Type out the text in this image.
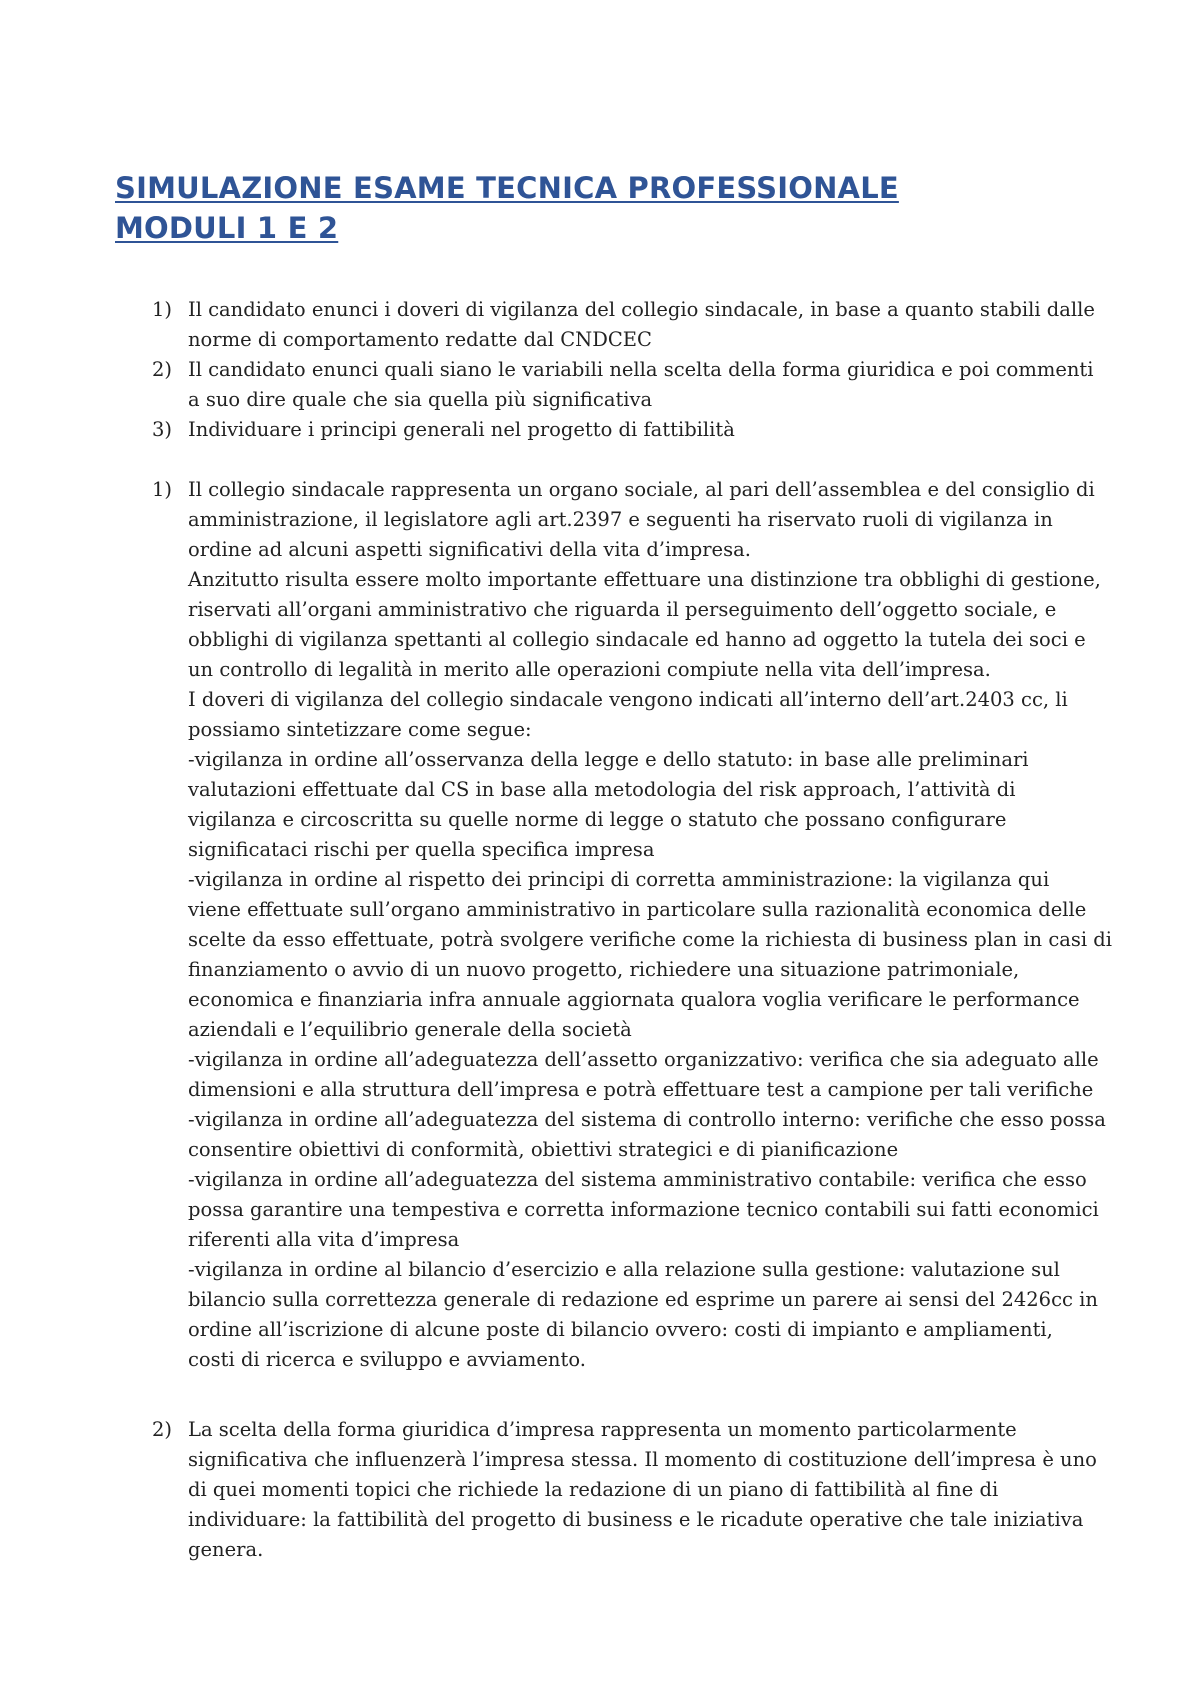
SIMULAZIONE ESAME TECNICA PROFESSIONALE
MODULI 1 E 2
1) Il candidato enunci i doveri di vigilanza del collegio sindacale, in base a quanto stabili dalle
norme di comportamento redatte dal CNDCEC
2) Il candidato enunci quali siano le variabili nella scelta della forma giuridica e poi commenti
a suo dire quale che sia quella più significativa
3) Individuare i principi generali nel progetto di fattibilità
1) Il collegio sindacale rappresenta un organo sociale, al pari dell’assemblea e del consiglio di
amministrazione, il legislatore agli art.2397 e seguenti ha riservato ruoli di vigilanza in
ordine ad alcuni aspetti significativi della vita d’impresa.
Anzitutto risulta essere molto importante effettuare una distinzione tra obblighi di gestione,
riservati all’organi amministrativo che riguarda il perseguimento dell’oggetto sociale, e
obblighi di vigilanza spettanti al collegio sindacale ed hanno ad oggetto la tutela dei soci e
un controllo di legalità in merito alle operazioni compiute nella vita dell’impresa.
I doveri di vigilanza del collegio sindacale vengono indicati all’interno dell’art.2403 cc, li
possiamo sintetizzare come segue:
-vigilanza in ordine all’osservanza della legge e dello statuto: in base alle preliminari
valutazioni effettuate dal CS in base alla metodologia del risk approach, l’attività di
vigilanza e circoscritta su quelle norme di legge o statuto che possano configurare
significataci rischi per quella specifica impresa
-vigilanza in ordine al rispetto dei principi di corretta amministrazione: la vigilanza qui
viene effettuate sull’organo amministrativo in particolare sulla razionalità economica delle
scelte da esso effettuate, potrà svolgere verifiche come la richiesta di business plan in casi di
finanziamento o avvio di un nuovo progetto, richiedere una situazione patrimoniale,
economica e finanziaria infra annuale aggiornata qualora voglia verificare le performance
aziendali e l’equilibrio generale della società
-vigilanza in ordine all’adeguatezza dell’assetto organizzativo: verifica che sia adeguato alle
dimensioni e alla struttura dell’impresa e potrà effettuare test a campione per tali verifiche
-vigilanza in ordine all’adeguatezza del sistema di controllo interno: verifiche che esso possa
consentire obiettivi di conformità, obiettivi strategici e di pianificazione
-vigilanza in ordine all’adeguatezza del sistema amministrativo contabile: verifica che esso
possa garantire una tempestiva e corretta informazione tecnico contabili sui fatti economici
riferenti alla vita d’impresa
-vigilanza in ordine al bilancio d’esercizio e alla relazione sulla gestione: valutazione sul
bilancio sulla correttezza generale di redazione ed esprime un parere ai sensi del 2426cc in
ordine all’iscrizione di alcune poste di bilancio ovvero: costi di impianto e ampliamenti,
costi di ricerca e sviluppo e avviamento.
2) La scelta della forma giuridica d’impresa rappresenta un momento particolarmente
significativa che influenzerà l’impresa stessa. Il momento di costituzione dell’impresa è uno
di quei momenti topici che richiede la redazione di un piano di fattibilità al fine di
individuare: la fattibilità del progetto di business e le ricadute operative che tale iniziativa
genera.
